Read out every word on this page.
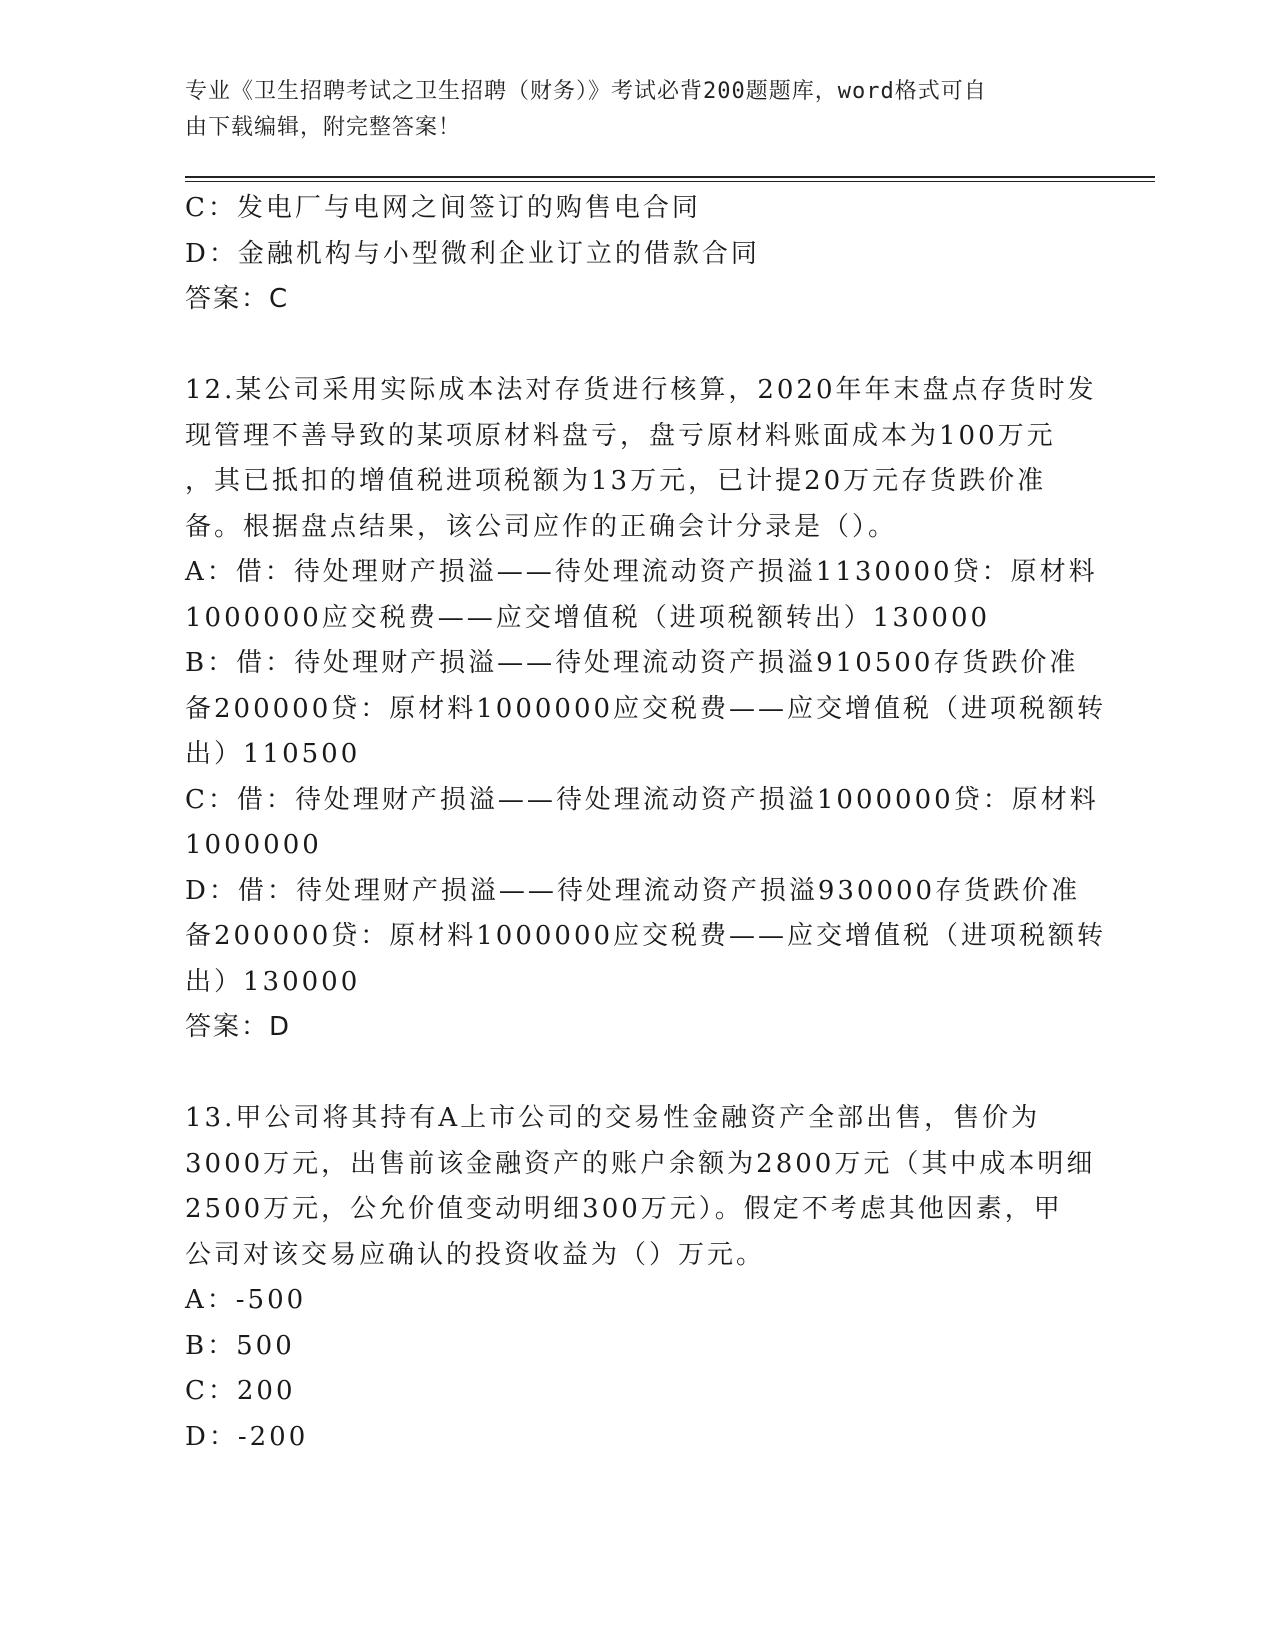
专业《卫生招聘考试之卫生招聘（财务）》考试必背200题题库，word格式可自
由下载编辑，附完整答案！
C：发电厂与电网之间签订的购售电合同
D：金融机构与小型微利企业订立的借款合同
答案：C
12.某公司采用实际成本法对存货进行核算，2020年年末盘点存货时发
现管理不善导致的某项原材料盘亏，盘亏原材料账面成本为100万元
，其已抵扣的增值税进项税额为13万元，已计提20万元存货跌价准
备。根据盘点结果，该公司应作的正确会计分录是（）。
A：借：待处理财产损溢——待处理流动资产损溢1130000贷：原材料
1000000应交税费——应交增值税（进项税额转出）130000
B：借：待处理财产损溢——待处理流动资产损溢910500存货跌价准
备200000贷：原材料1000000应交税费——应交增值税（进项税额转
出）110500
C：借：待处理财产损溢——待处理流动资产损溢1000000贷：原材料
1000000
D：借：待处理财产损溢——待处理流动资产损溢930000存货跌价准
备200000贷：原材料1000000应交税费——应交增值税（进项税额转
出）130000
答案：D
13.甲公司将其持有A上市公司的交易性金融资产全部出售，售价为
3000万元，出售前该金融资产的账户余额为2800万元（其中成本明细
2500万元，公允价值变动明细300万元）。假定不考虑其他因素，甲
公司对该交易应确认的投资收益为（）万元。
A：-500
B：500
C：200
D：-200
